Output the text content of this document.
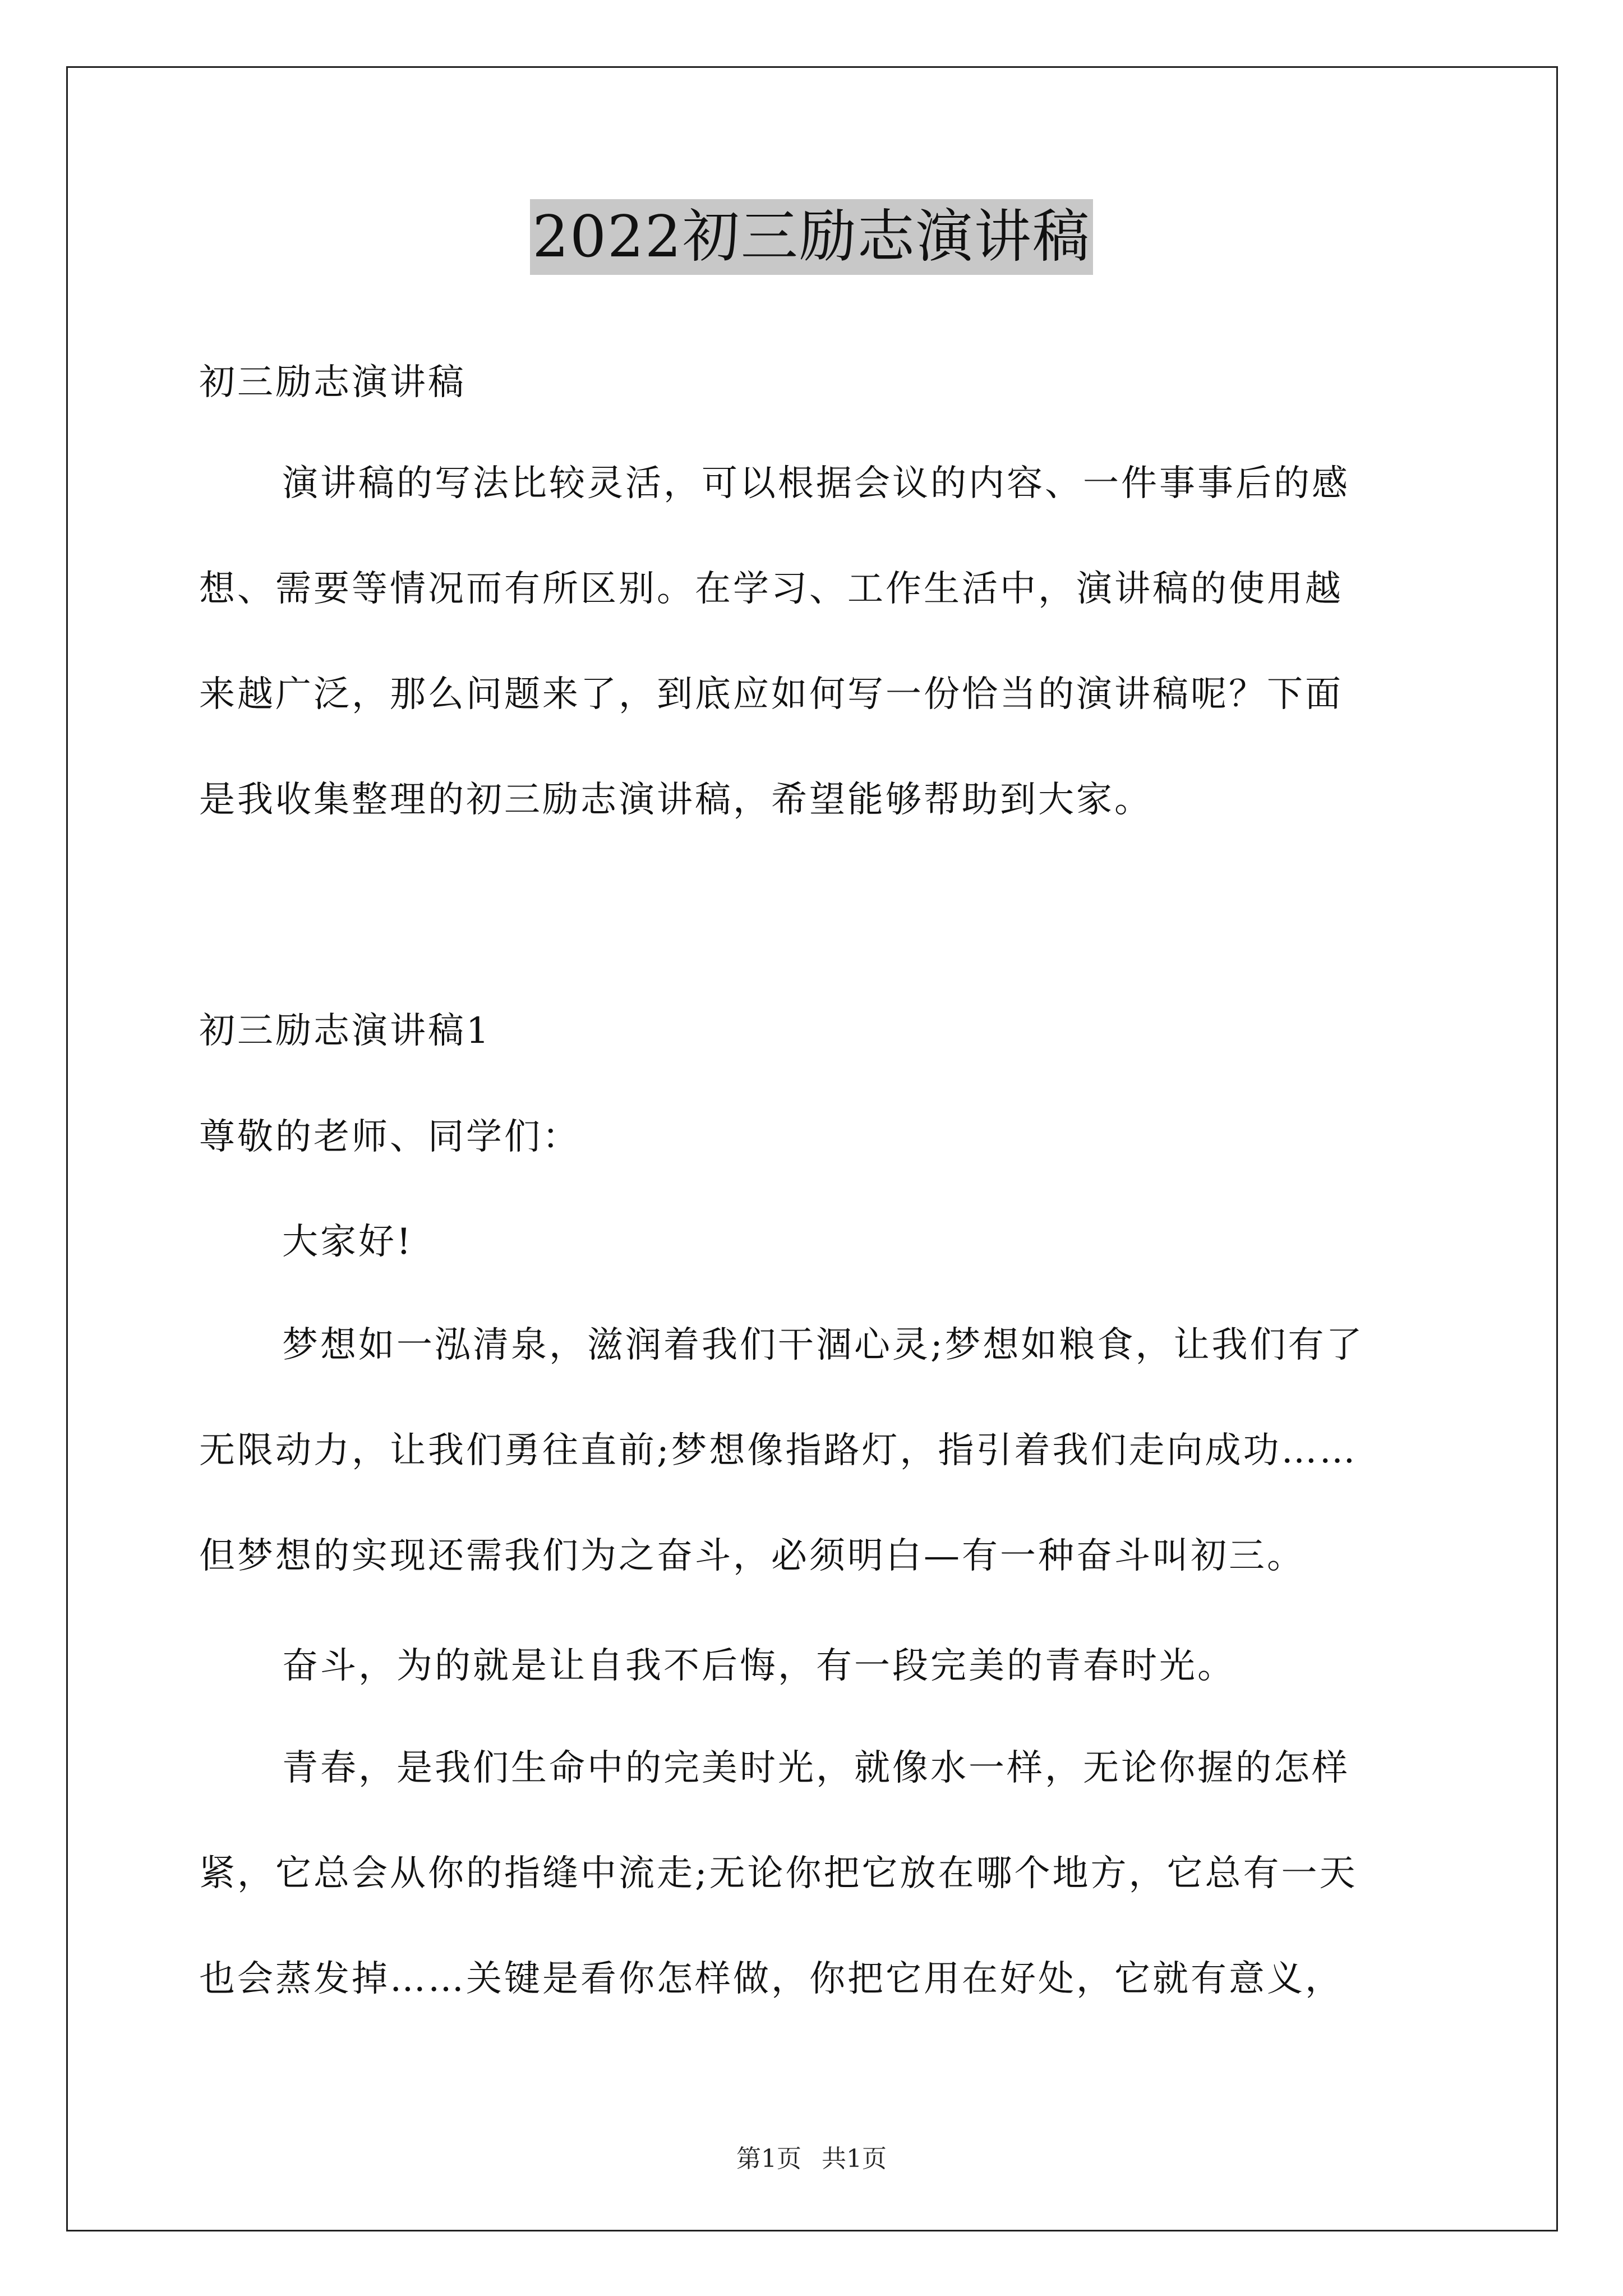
2022初三励志演讲稿
初三励志演讲稿
演讲稿的写法比较灵活，可以根据会议的内容、一件事事后的感
想、需要等情况而有所区别。在学习、工作生活中，演讲稿的使用越
来越广泛，那么问题来了，到底应如何写一份恰当的演讲稿呢？下面
是我收集整理的初三励志演讲稿，希望能够帮助到大家。
初三励志演讲稿1
尊敬的老师、同学们：
大家好!
梦想如一泓清泉，滋润着我们干涸心灵;梦想如粮食，让我们有了
无限动力，让我们勇往直前;梦想像指路灯，指引着我们走向成功……
但梦想的实现还需我们为之奋斗，必须明白—有一种奋斗叫初三。
奋斗，为的就是让自我不后悔，有一段完美的青春时光。
青春，是我们生命中的完美时光，就像水一样，无论你握的怎样
紧，它总会从你的指缝中流走;无论你把它放在哪个地方，它总有一天
也会蒸发掉……关键是看你怎样做，你把它用在好处，它就有意义，
第1页 共1页
